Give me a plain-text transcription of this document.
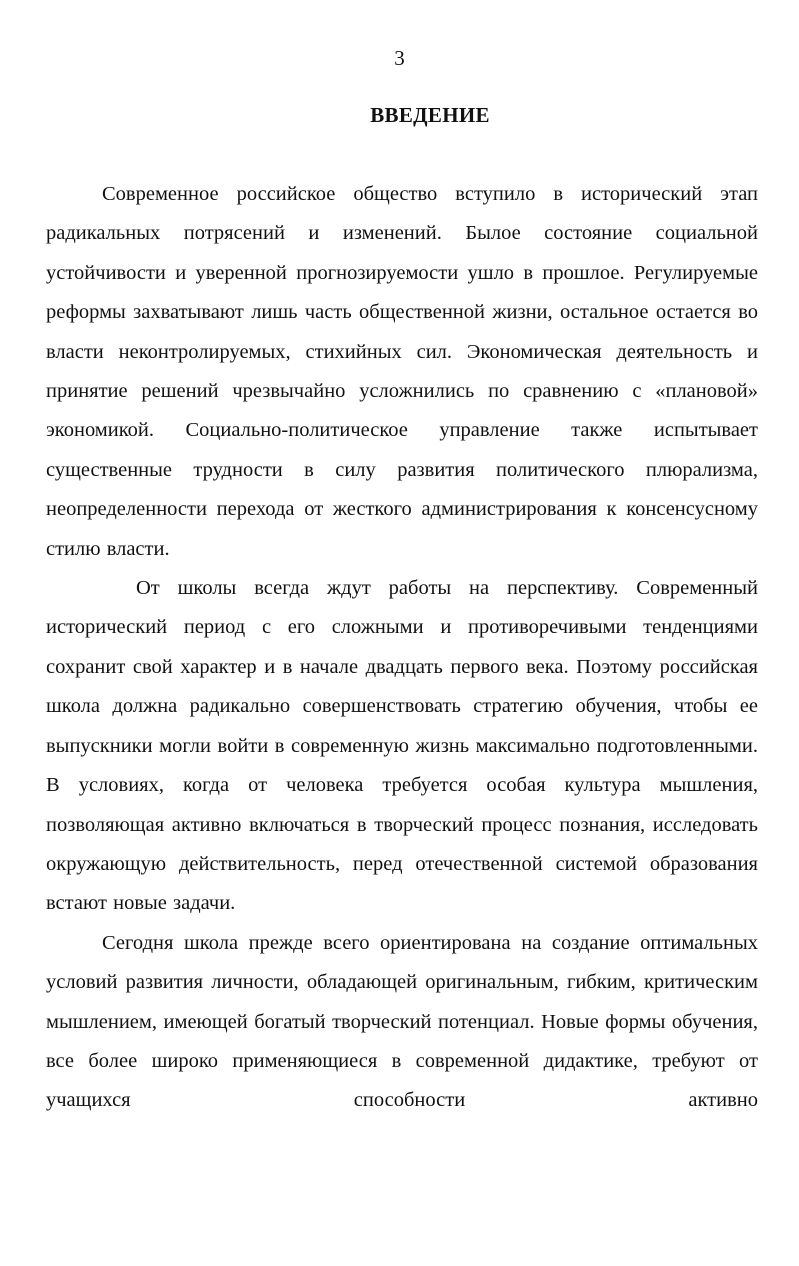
3
ВВЕДЕНИЕ

Современное российское общество вступило в исторический этап радикальных потрясений и изменений. Былое состояние социальной устойчивости и уверенной прогнозируемости ушло в прошлое. Регулируемые реформы захватывают лишь часть общественной жизни, остальное остается во власти неконтролируемых, стихийных сил. Экономическая деятельность и принятие решений чрезвычайно усложнились по сравнению с «плановой» экономикой. Социально-политическое управление также испытывает существенные трудности в силу развития политического плюрализма, неопределенности перехода от жесткого администрирования к консенсусному стилю власти.

От школы всегда ждут работы на перспективу. Современный исторический период с его сложными и противоречивыми тенденциями сохранит свой характер и в начале двадцать первого века. Поэтому российская школа должна радикально совершенствовать стратегию обучения, чтобы ее выпускники могли войти в современную жизнь максимально подготовленными. В условиях, когда от человека требуется особая культура мышления, позволяющая активно включаться в творческий процесс познания, исследовать окружающую действительность, перед отечественной системой образования встают новые задачи.

Сегодня школа прежде всего ориентирована на создание оптимальных условий развития личности, обладающей оригинальным, гибким, критическим мышлением, имеющей богатый творческий потенциал. Новые формы обучения, все более широко применяющиеся в современной дидактике, требуют от учащихся способности активно
